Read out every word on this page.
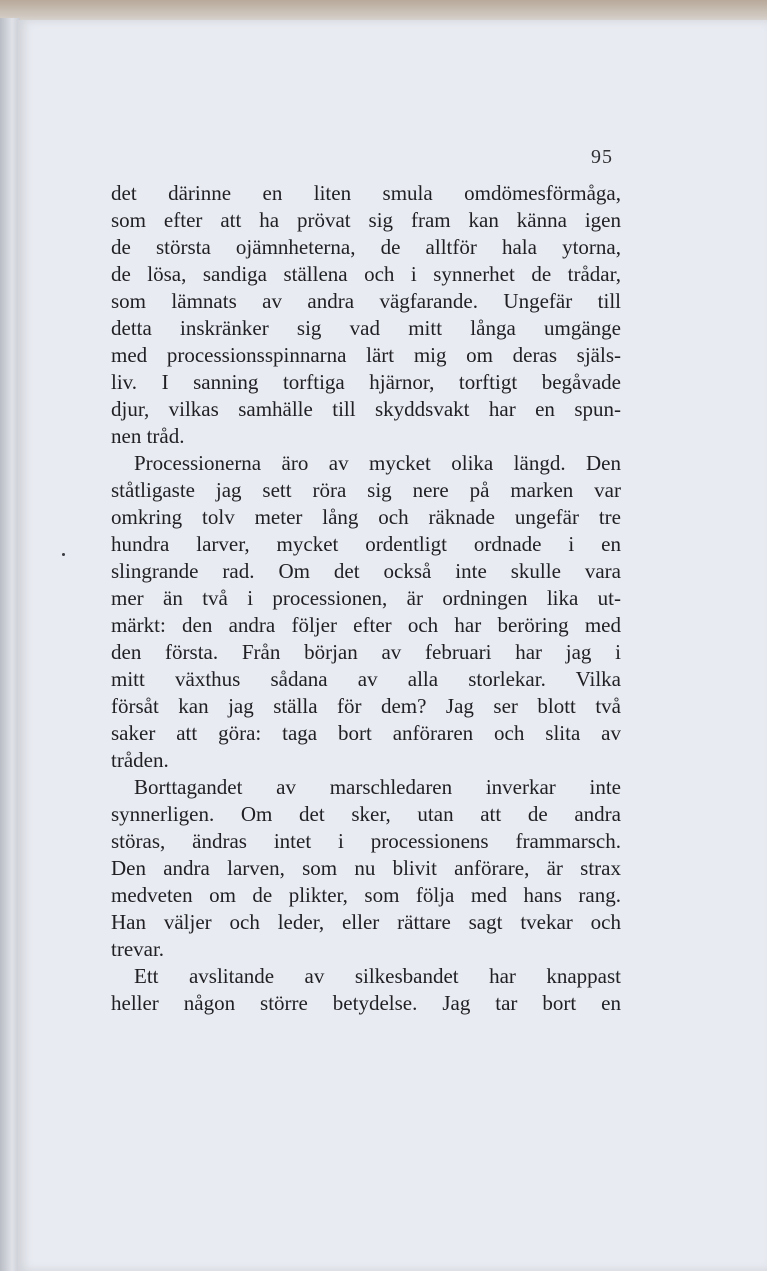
95
det därinne en liten smula omdömesförmåga,
som efter att ha prövat sig fram kan känna igen
de största ojämnheterna, de alltför hala ytorna,
de lösa, sandiga ställena och i synnerhet de trådar,
som lämnats av andra vägfarande. Ungefär till
detta inskränker sig vad mitt långa umgänge
med processionsspinnarna lärt mig om deras själs-
liv. I sanning torftiga hjärnor, torftigt begåvade
djur, vilkas samhälle till skyddsvakt har en spun-
nen tråd.
Processionerna äro av mycket olika längd. Den
ståtligaste jag sett röra sig nere på marken var
omkring tolv meter lång och räknade ungefär tre
hundra larver, mycket ordentligt ordnade i en
slingrande rad. Om det också inte skulle vara
mer än två i processionen, är ordningen lika ut-
märkt: den andra följer efter och har beröring med
den första. Från början av februari har jag i
mitt växthus sådana av alla storlekar. Vilka
försåt kan jag ställa för dem? Jag ser blott två
saker att göra: taga bort anföraren och slita av
tråden.
Borttagandet av marschledaren inverkar inte
synnerligen. Om det sker, utan att de andra
störas, ändras intet i processionens frammarsch.
Den andra larven, som nu blivit anförare, är strax
medveten om de plikter, som följa med hans rang.
Han väljer och leder, eller rättare sagt tvekar och
trevar.
Ett avslitande av silkesbandet har knappast
heller någon större betydelse. Jag tar bort en
